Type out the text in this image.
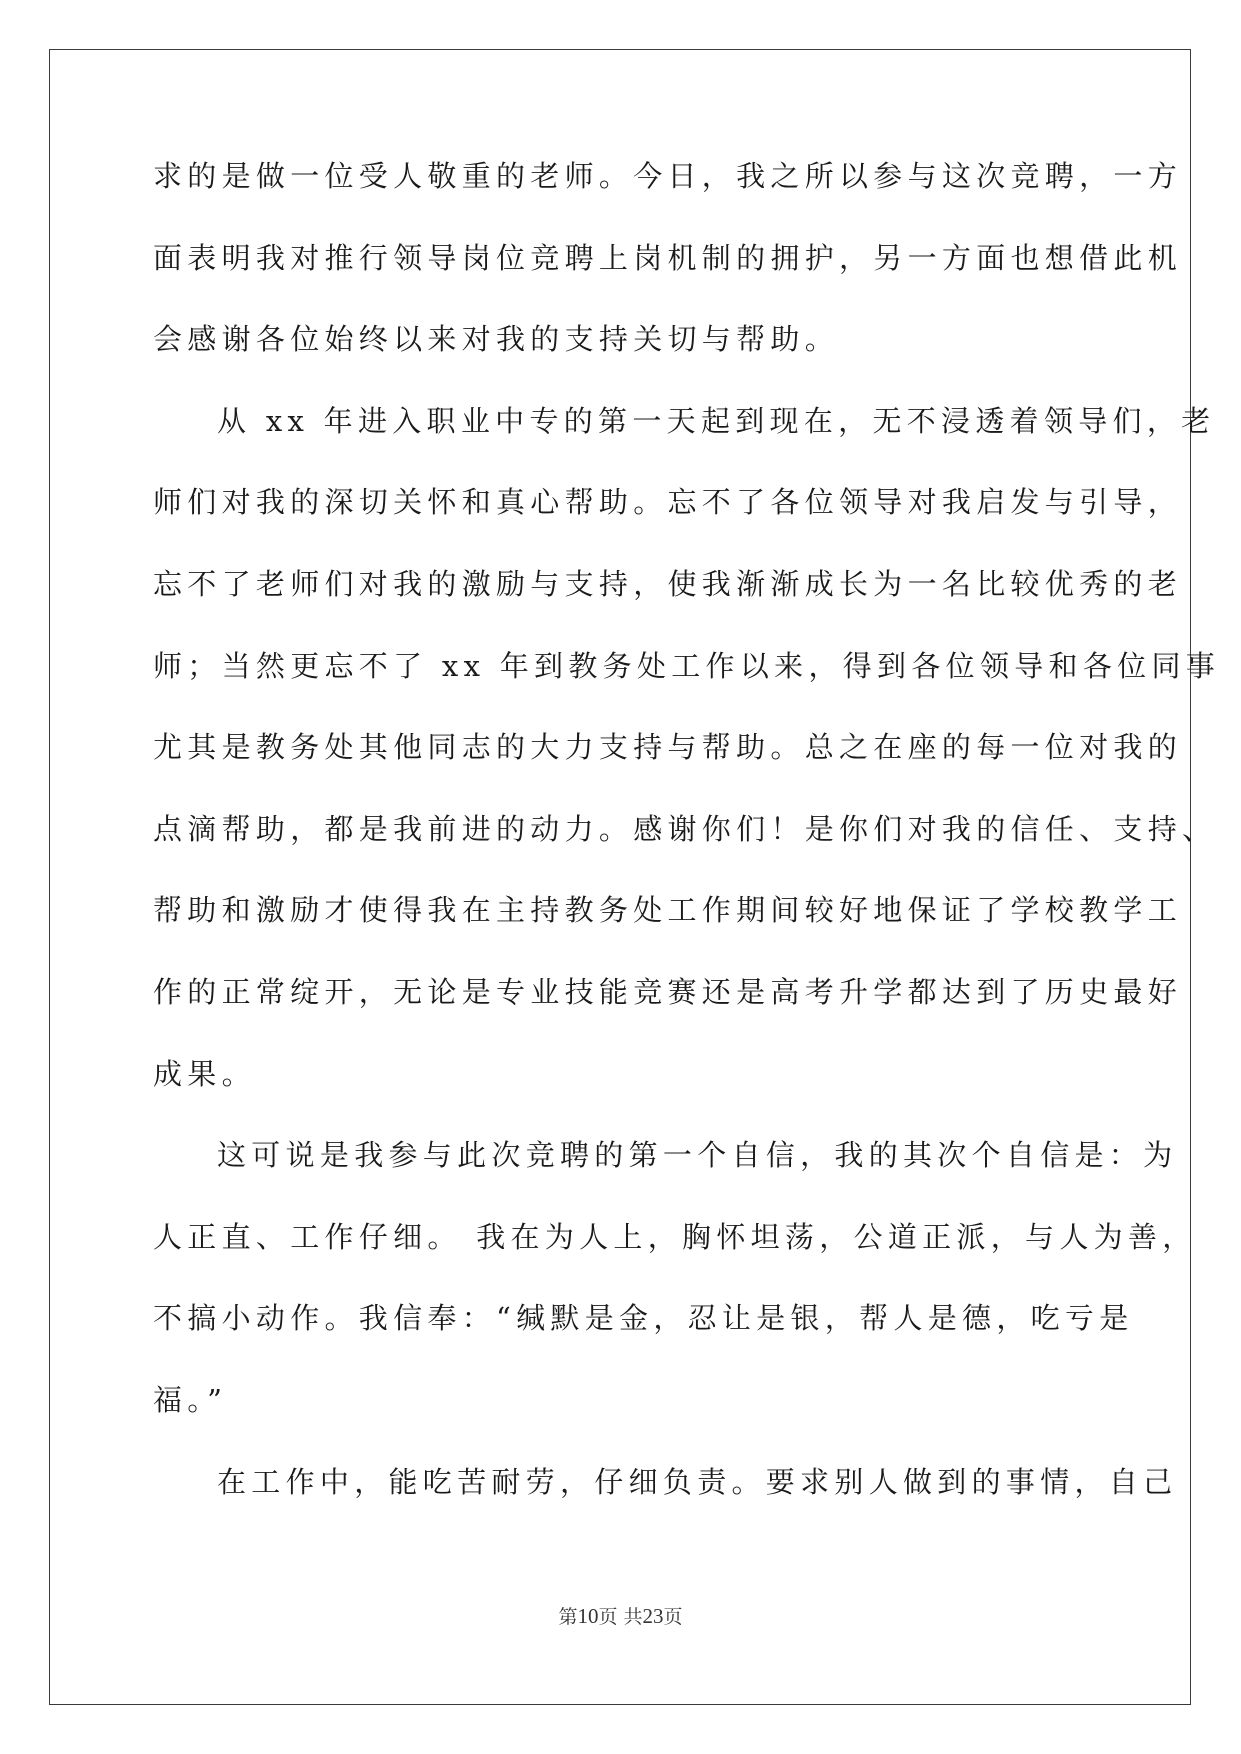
求的是做一位受人敬重的老师。今日，我之所以参与这次竞聘，一方
面表明我对推行领导岗位竞聘上岗机制的拥护，另一方面也想借此机
会感谢各位始终以来对我的支持关切与帮助。
从 xx 年进入职业中专的第一天起到现在，无不浸透着领导们，老
师们对我的深切关怀和真心帮助。忘不了各位领导对我启发与引导，
忘不了老师们对我的激励与支持，使我渐渐成长为一名比较优秀的老
师；当然更忘不了 xx 年到教务处工作以来，得到各位领导和各位同事
尤其是教务处其他同志的大力支持与帮助。总之在座的每一位对我的
点滴帮助，都是我前进的动力。感谢你们！是你们对我的信任、支持、
帮助和激励才使得我在主持教务处工作期间较好地保证了学校教学工
作的正常绽开，无论是专业技能竞赛还是高考升学都达到了历史最好
成果。
这可说是我参与此次竞聘的第一个自信，我的其次个自信是：为
人正直、工作仔细。 我在为人上，胸怀坦荡，公道正派，与人为善，
不搞小动作。我信奉：“缄默是金，忍让是银，帮人是德，吃亏是
福。”
在工作中，能吃苦耐劳，仔细负责。要求别人做到的事情，自己
第10页 共23页
